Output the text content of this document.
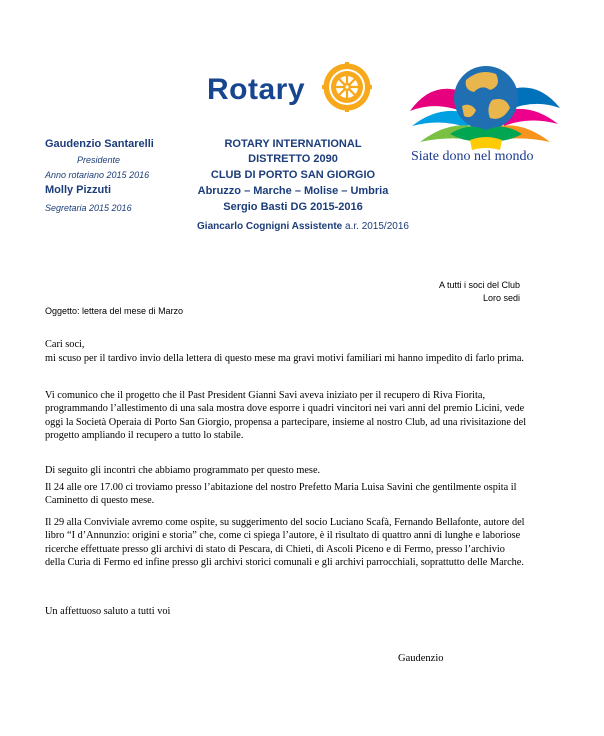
Rotary

Siate dono nel mondo

Gaudenzio Santarelli

Presidente

Anno rotariano 2015 2016

Molly Pizzuti

Segretaria 2015 2016

ROTARY INTERNATIONAL

DISTRETTO 2090

CLUB DI PORTO SAN GIORGIO

Abruzzo – Marche – Molise – Umbria

Sergio Basti DG 2015-2016

Giancarlo Cognigni Assistente a.r. 2015/2016

A tutti i soci del Club

Loro sedi

Oggetto: lettera del mese di Marzo

Cari soci,

mi scuso per il tardivo invio della lettera di questo mese ma gravi motivi familiari mi hanno impedito di farlo prima.

Vi comunico che il progetto che il Past President Gianni Savi aveva iniziato per il recupero di Riva Fiorita, programmando l’allestimento di una sala mostra dove esporre i quadri vincitori nei vari anni del premio Licini, vede oggi la Società Operaia di Porto San Giorgio, propensa a partecipare, insieme al nostro Club, ad una rivisitazione del progetto ampliando il recupero a tutto lo stabile.

Di seguito gli incontri che abbiamo programmato per questo mese.

Il 24 alle ore 17.00 ci troviamo presso l’abitazione del nostro Prefetto Maria Luisa Savini che gentilmente ospita il Caminetto di questo mese.

Il 29 alla Conviviale avremo come ospite, su suggerimento del socio Luciano Scafà, Fernando Bellafonte, autore del libro “I d’Annunzio: origini e storia” che, come ci spiega l’autore, è il risultato di quattro anni di lunghe e laboriose ricerche effettuate presso gli archivi di stato di Pescara, di Chieti, di Ascoli Piceno e di Fermo, presso l’archivio della Curia di Fermo ed infine presso gli archivi storici comunali e gli archivi parrocchiali, soprattutto delle Marche.

Un affettuoso saluto a tutti voi

Gaudenzio
